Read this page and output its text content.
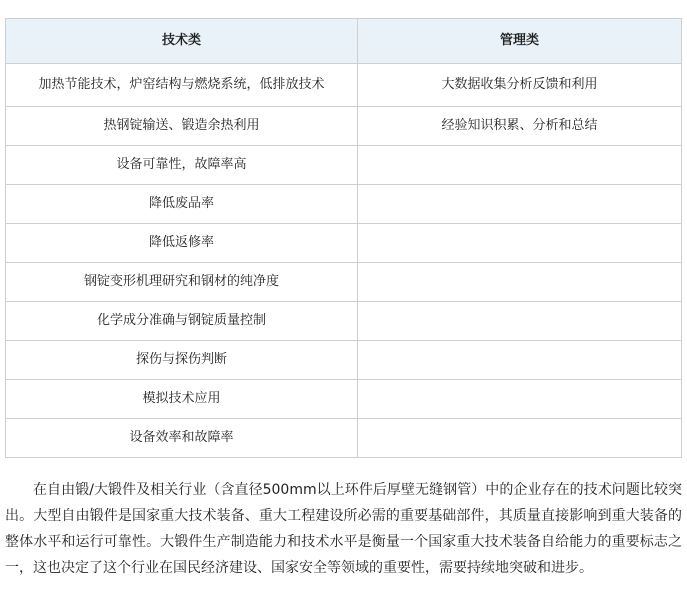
技术类	管理类
加热节能技术，炉窑结构与燃烧系统，低排放技术	大数据收集分析反馈和利用
热钢锭输送、锻造余热利用	经验知识积累、分析和总结
设备可靠性，故障率高	
降低废品率	
降低返修率	
钢锭变形机理研究和钢材的纯净度	
化学成分准确与钢锭质量控制	
探伤与探伤判断	
模拟技术应用	
设备效率和故障率	

在自由锻/大锻件及相关行业（含直径500mm以上环件后厚壁无缝钢管）中的企业存在的技术问题比较突出。大型自由锻件是国家重大技术装备、重大工程建设所必需的重要基础部件，其质量直接影响到重大装备的整体水平和运行可靠性。大锻件生产制造能力和技术水平是衡量一个国家重大技术装备自给能力的重要标志之一，这也决定了这个行业在国民经济建设、国家安全等领域的重要性，需要持续地突破和进步。
